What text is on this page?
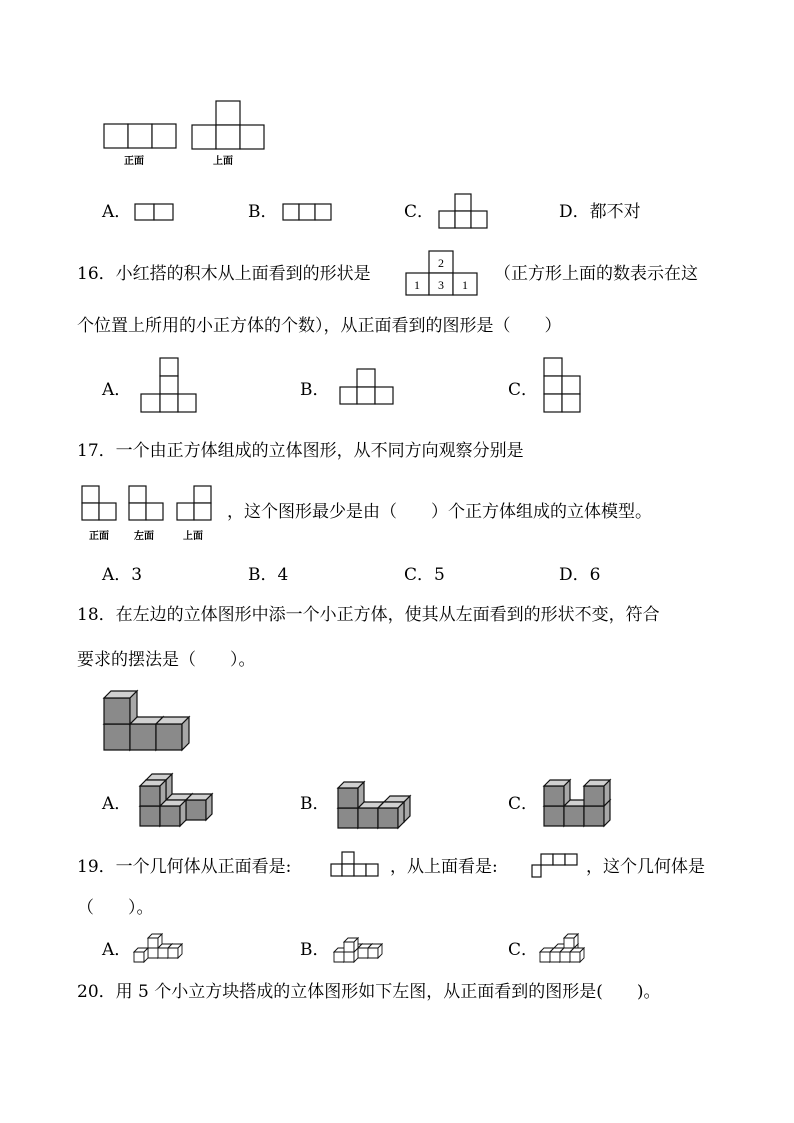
正面	上面
A．	B．	C．	D．都不对
16．小红搭的积木从上面看到的形状是
2
1 3 1
（正方形上面的数表示在这
个位置上所用的小正方体的个数），从正面看到的图形是（　　）
A．	B．	C．
17．一个由正方体组成的立体图形，从不同方向观察分别是
正面	左面	上面
，这个图形最少是由（　　）个正方体组成的立体模型。
A．3	B．4	C．5	D．6
18．在左边的立体图形中添一个小正方体，使其从左面看到的形状不变，符合
要求的摆法是（　　）。
A．	B．	C．
19．一个几何体从正面看是:	，从上面看是:	，这个几何体是
（　　）。
A．	B．	C．
20．用 5 个小立方块搭成的立体图形如下左图，从正面看到的图形是(　　)。
